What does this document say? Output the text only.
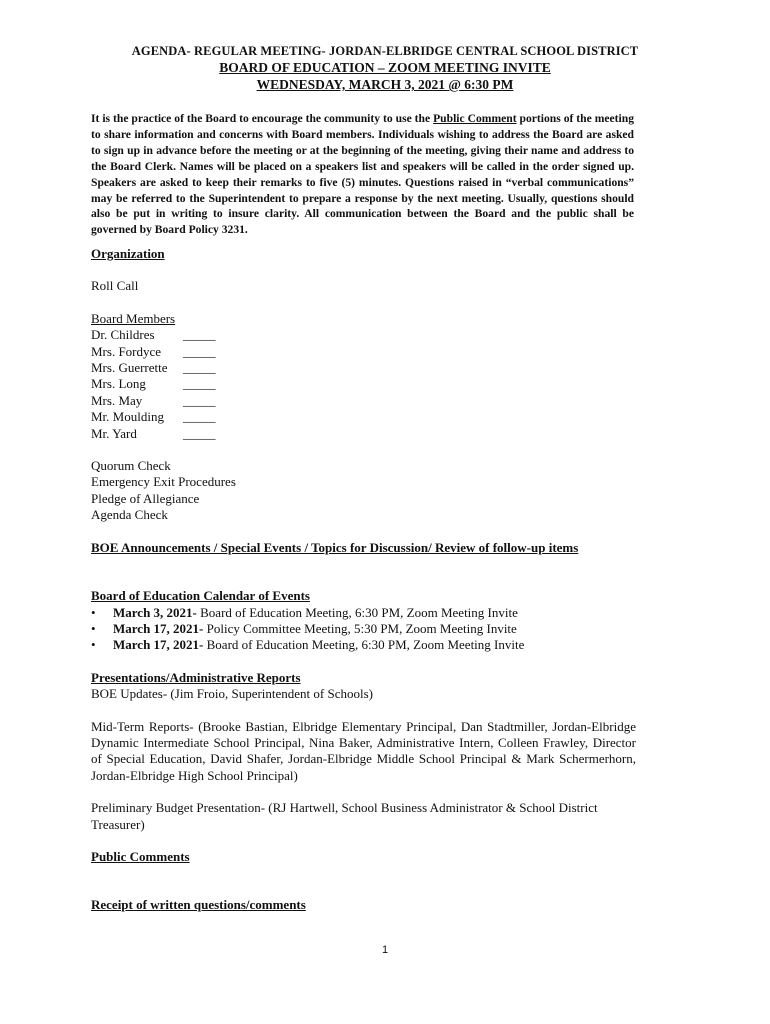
AGENDA- REGULAR MEETING- JORDAN-ELBRIDGE CENTRAL SCHOOL DISTRICT
BOARD OF EDUCATION – ZOOM MEETING INVITE
WEDNESDAY, MARCH 3, 2021 @ 6:30 PM
It is the practice of the Board to encourage the community to use the Public Comment portions of the meeting to share information and concerns with Board members. Individuals wishing to address the Board are asked to sign up in advance before the meeting or at the beginning of the meeting, giving their name and address to the Board Clerk. Names will be placed on a speakers list and speakers will be called in the order signed up. Speakers are asked to keep their remarks to five (5) minutes. Questions raised in “verbal communications” may be referred to the Superintendent to prepare a response by the next meeting. Usually, questions should also be put in writing to insure clarity. All communication between the Board and the public shall be governed by Board Policy 3231.
Organization
Roll Call
Board Members
Dr. Childres	_____
Mrs. Fordyce	_____
Mrs. Guerrette	_____
Mrs. Long	_____
Mrs. May	_____
Mr. Moulding	_____
Mr. Yard	_____
Quorum Check
Emergency Exit Procedures
Pledge of Allegiance
Agenda Check
BOE Announcements / Special Events / Topics for Discussion/ Review of follow-up items
Board of Education Calendar of Events
• March 3, 2021- Board of Education Meeting, 6:30 PM, Zoom Meeting Invite
• March 17, 2021- Policy Committee Meeting, 5:30 PM, Zoom Meeting Invite
• March 17, 2021- Board of Education Meeting, 6:30 PM, Zoom Meeting Invite
Presentations/Administrative Reports
BOE Updates- (Jim Froio, Superintendent of Schools)
Mid-Term Reports- (Brooke Bastian, Elbridge Elementary Principal, Dan Stadtmiller, Jordan-Elbridge Dynamic Intermediate School Principal, Nina Baker, Administrative Intern, Colleen Frawley, Director of Special Education, David Shafer, Jordan-Elbridge Middle School Principal & Mark Schermerhorn, Jordan-Elbridge High School Principal)
Preliminary Budget Presentation- (RJ Hartwell, School Business Administrator & School District Treasurer)
Public Comments
Receipt of written questions/comments
1
